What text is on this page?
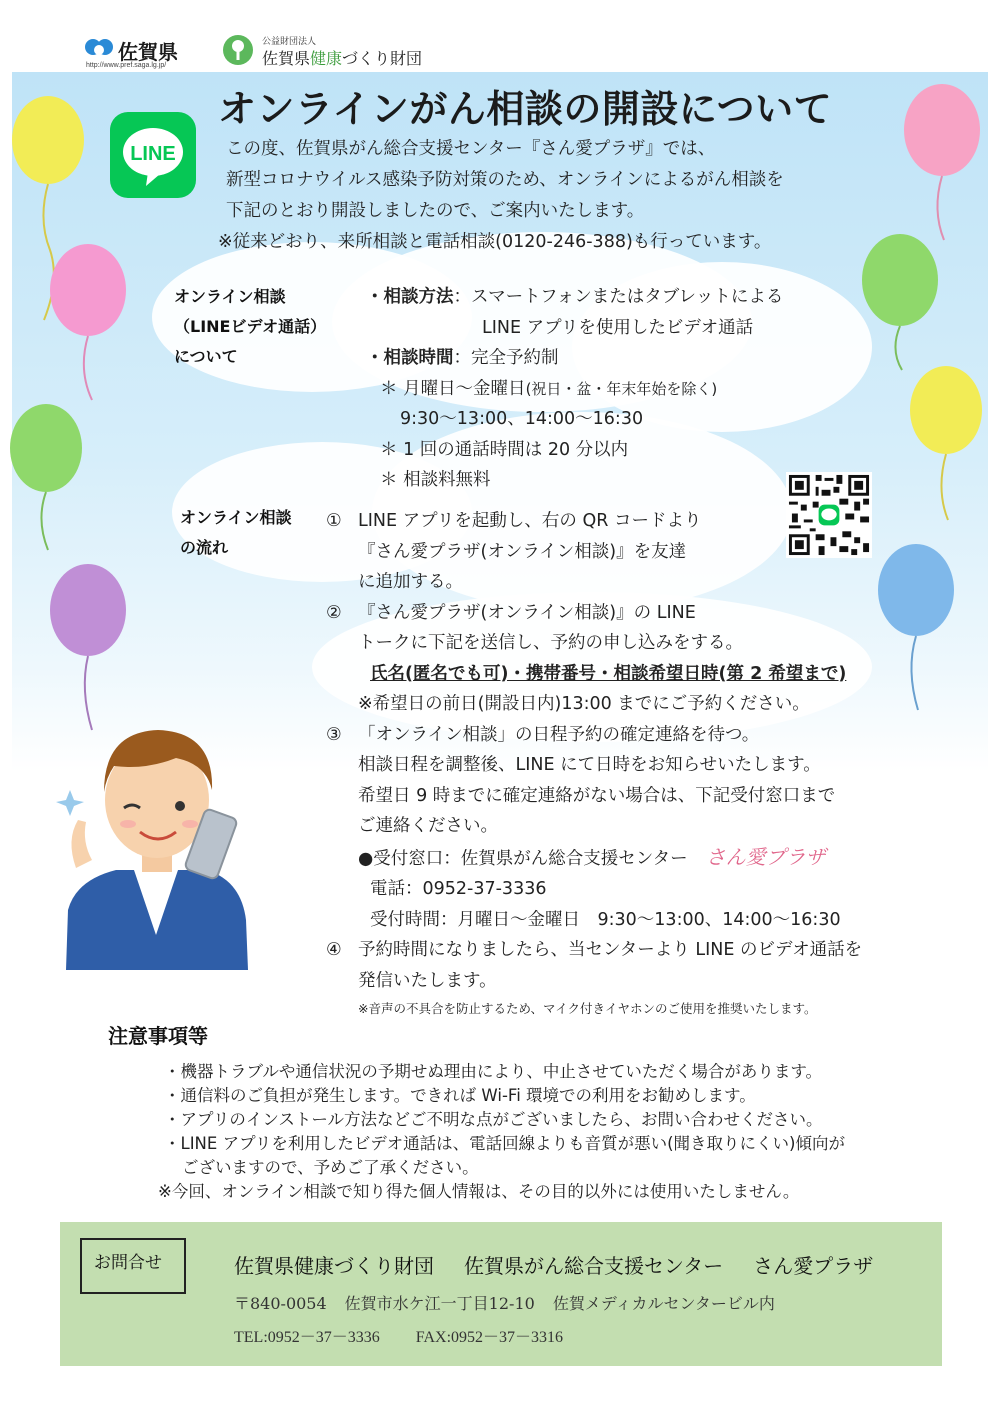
佐賀県
http://www.pref.saga.lg.jp/
公益財団法人
佐賀県健康づくり財団
オンラインがん相談の開設について
LINE	この度、佐賀県がん総合支援センター『さん愛プラザ』では、
新型コロナウイルス感染予防対策のため、オンラインによるがん相談を
下記のとおり開設しましたので、ご案内いたします。
※従来どおり、来所相談と電話相談(0120-246-388)も行っています。
オンライン相談
（LINEビデオ通話）
について
・相談方法：スマートフォンまたはタブレットによる
LINE アプリを使用したビデオ通話
・相談時間：完全予約制
＊ 月曜日～金曜日(祝日・盆・年末年始を除く)
9:30～13:00、14:00～16:30
＊ 1 回の通話時間は 20 分以内
＊ 相談料無料
オンライン相談
の流れ
① LINE アプリを起動し、右の QR コードより
『さん愛プラザ(オンライン相談)』を友達
に追加する。
② 『さん愛プラザ(オンライン相談)』の LINE
トークに下記を送信し、予約の申し込みをする。
氏名(匿名でも可)・携帯番号・相談希望日時(第 2 希望まで)
※希望日の前日(開設日内)13:00 までにご予約ください。
③ 「オンライン相談」の日程予約の確定連絡を待つ。
相談日程を調整後、LINE にて日時をお知らせいたします。
希望日 9 時までに確定連絡がない場合は、下記受付窓口まで
ご連絡ください。
●受付窓口：佐賀県がん総合支援センター さん愛プラザ
電話：0952-37-3336
受付時間：月曜日～金曜日　9:30～13:00、14:00～16:30
④ 予約時間になりましたら、当センターより LINE のビデオ通話を
発信いたします。
※音声の不具合を防止するため、マイク付きイヤホンのご使用を推奨いたします。
注意事項等
・機器トラブルや通信状況の予期せぬ理由により、中止させていただく場合があります。
・通信料のご負担が発生します。できれば Wi-Fi 環境での利用をお勧めします。
・アプリのインストール方法などご不明な点がございましたら、お問い合わせください。
・LINE アプリを利用したビデオ通話は、電話回線よりも音質が悪い(聞き取りにくい)傾向が
ございますので、予めご了承ください。
※今回、オンライン相談で知り得た個人情報は、その目的以外には使用いたしません。
お問合せ	佐賀県健康づくり財団 佐賀県がん総合支援センター さん愛プラザ
〒840-0054 佐賀市水ケ江一丁目12-10 佐賀メディカルセンタービル内
TEL:0952－37－3336 FAX:0952－37－3316
